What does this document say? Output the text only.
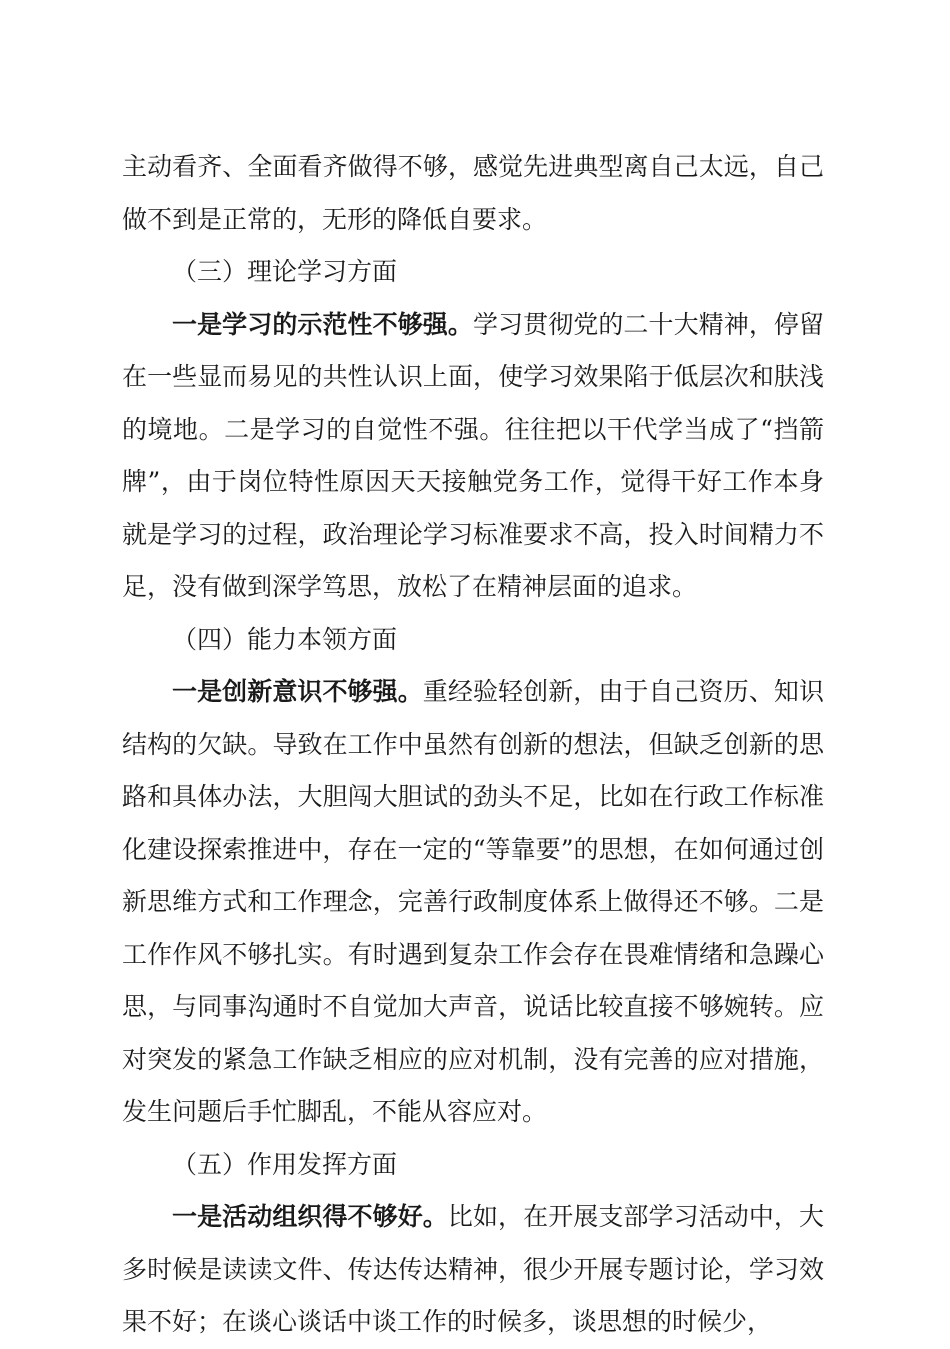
主动看齐、全面看齐做得不够，感觉先进典型离自己太远，自己做不到是正常的，无形的降低自要求。

（三）理论学习方面

一是学习的示范性不够强。学习贯彻党的二十大精神，停留在一些显而易见的共性认识上面，使学习效果陷于低层次和肤浅的境地。二是学习的自觉性不强。往往把以干代学当成了“挡箭牌”，由于岗位特性原因天天接触党务工作，觉得干好工作本身就是学习的过程，政治理论学习标准要求不高，投入时间精力不足，没有做到深学笃思，放松了在精神层面的追求。

（四）能力本领方面

一是创新意识不够强。重经验轻创新，由于自己资历、知识结构的欠缺。导致在工作中虽然有创新的想法，但缺乏创新的思路和具体办法，大胆闯大胆试的劲头不足，比如在行政工作标准化建设探索推进中，存在一定的“等靠要”的思想，在如何通过创新思维方式和工作理念，完善行政制度体系上做得还不够。二是工作作风不够扎实。有时遇到复杂工作会存在畏难情绪和急躁心思，与同事沟通时不自觉加大声音，说话比较直接不够婉转。应对突发的紧急工作缺乏相应的应对机制，没有完善的应对措施，发生问题后手忙脚乱，不能从容应对。

（五）作用发挥方面

一是活动组织得不够好。比如，在开展支部学习活动中，大多时候是读读文件、传达传达精神，很少开展专题讨论，学习效果不好；在谈心谈话中谈工作的时候多，谈思想的时候少，
